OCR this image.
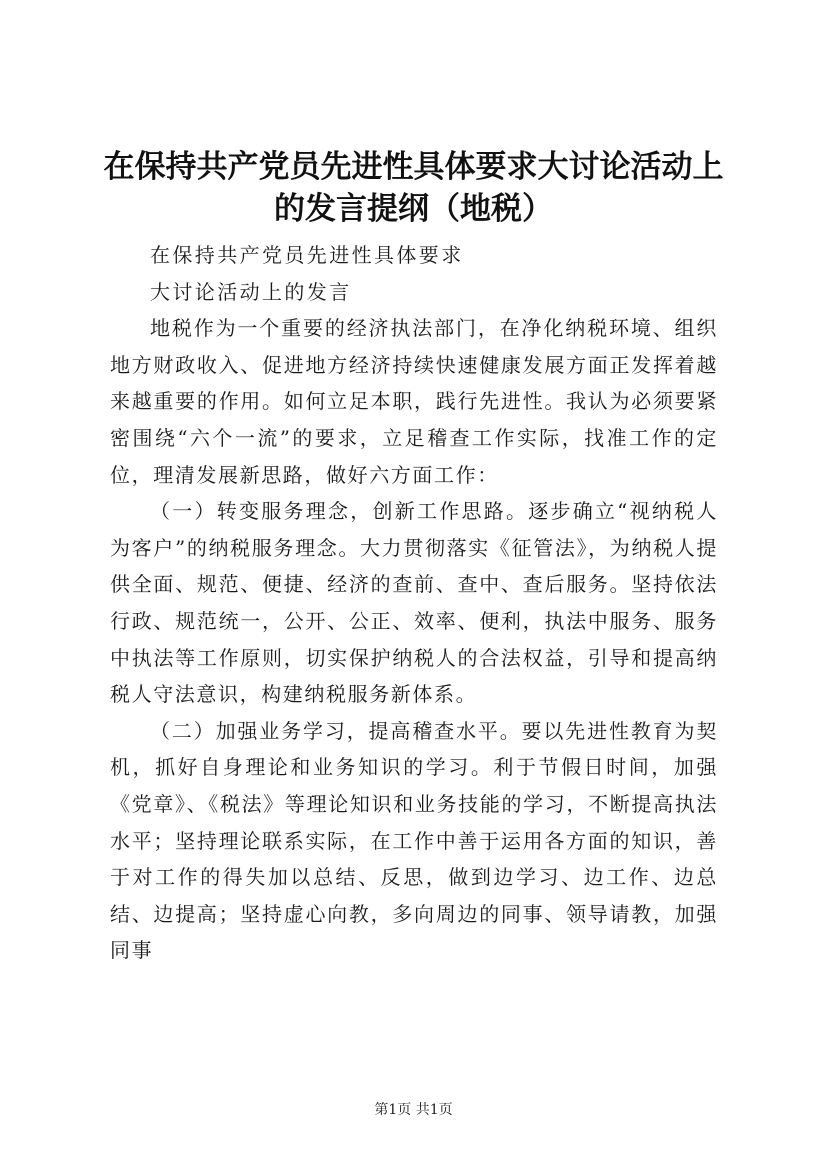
在保持共产党员先进性具体要求大讨论活动上的发言提纲（地税）

在保持共产党员先进性具体要求

大讨论活动上的发言

地税作为一个重要的经济执法部门，在净化纳税环境、组织地方财政收入、促进地方经济持续快速健康发展方面正发挥着越来越重要的作用。如何立足本职，践行先进性。我认为必须要紧密围绕“六个一流”的要求，立足稽查工作实际，找准工作的定位，理清发展新思路，做好六方面工作：

（一）转变服务理念，创新工作思路。逐步确立“视纳税人为客户”的纳税服务理念。大力贯彻落实《征管法》，为纳税人提供全面、规范、便捷、经济的查前、查中、查后服务。坚持依法行政、规范统一，公开、公正、效率、便利，执法中服务、服务中执法等工作原则，切实保护纳税人的合法权益，引导和提高纳税人守法意识，构建纳税服务新体系。

（二）加强业务学习，提高稽查水平。要以先进性教育为契机，抓好自身理论和业务知识的学习。利于节假日时间，加强《党章》、《税法》等理论知识和业务技能的学习，不断提高执法水平；坚持理论联系实际，在工作中善于运用各方面的知识，善于对工作的得失加以总结、反思，做到边学习、边工作、边总结、边提高；坚持虚心向教，多向周边的同事、领导请教，加强同事

第1页 共1页
